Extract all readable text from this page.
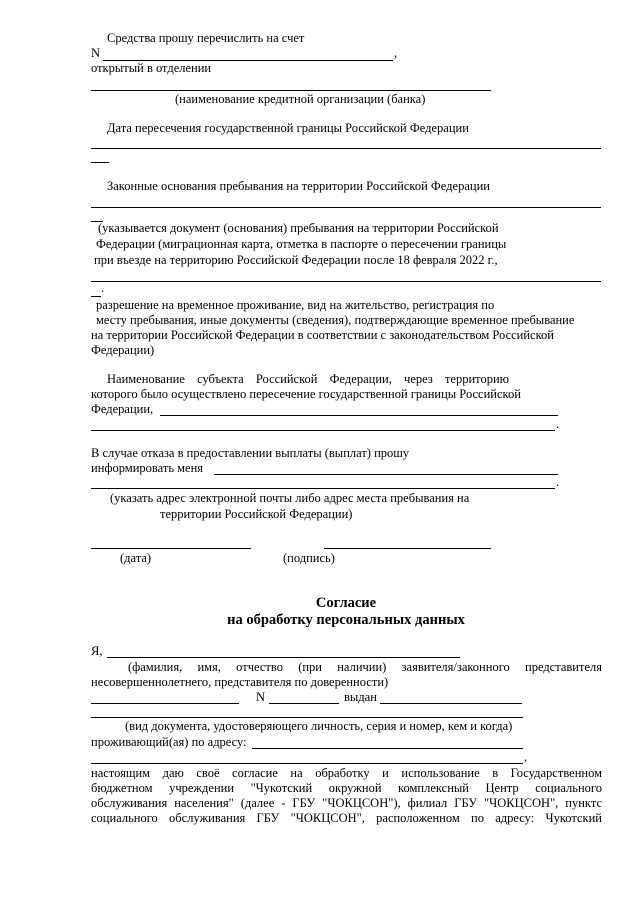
Средства прошу перечислить на счет
N	,
открытый в отделении
(наименование кредитной организации (банка)
Дата пересечения государственной границы Российской Федерации
Законные основания пребывания на территории Российской Федерации
(указывается документ (основания) пребывания на территории Российской
Федерации (миграционная карта, отметка в паспорте о пересечении границы
при въезде на территорию Российской Федерации после 18 февраля 2022 г.,
.
разрешение на временное проживание, вид на жительство, регистрация по
месту пребывания, иные документы (сведения), подтверждающие временное пребывание
на территории Российской Федерации в соответствии с законодательством Российской
Федерации)
Наименование субъекта Российской Федерации, через территорию
которого было осуществлено пересечение государственной границы Российской
Федерации,
.
В случае отказа в предоставлении выплаты (выплат) прошу
информировать меня
.
(указать адрес электронной почты либо адрес места пребывания на
территории Российской Федерации)
(дата)	(подпись)
Согласие
на обработку персональных данных
Я,
(фамилия, имя, отчество (при наличии) заявителя/законного представителя
несовершеннолетнего, представителя по доверенности)
N	выдан
(вид документа, удостоверяющего личность, серия и номер, кем и когда)
проживающий(ая) по адресу:
,
настоящим даю своё согласие на обработку и использование в Государственном
бюджетном учреждении "Чукотский окружной комплексный Центр социального
обслуживания населения" (далее - ГБУ "ЧОКЦСОН"), филиал ГБУ "ЧОКЦСОН", пунктс
социального обслуживания ГБУ "ЧОКЦСОН", расположенном по адресу: Чукотский
